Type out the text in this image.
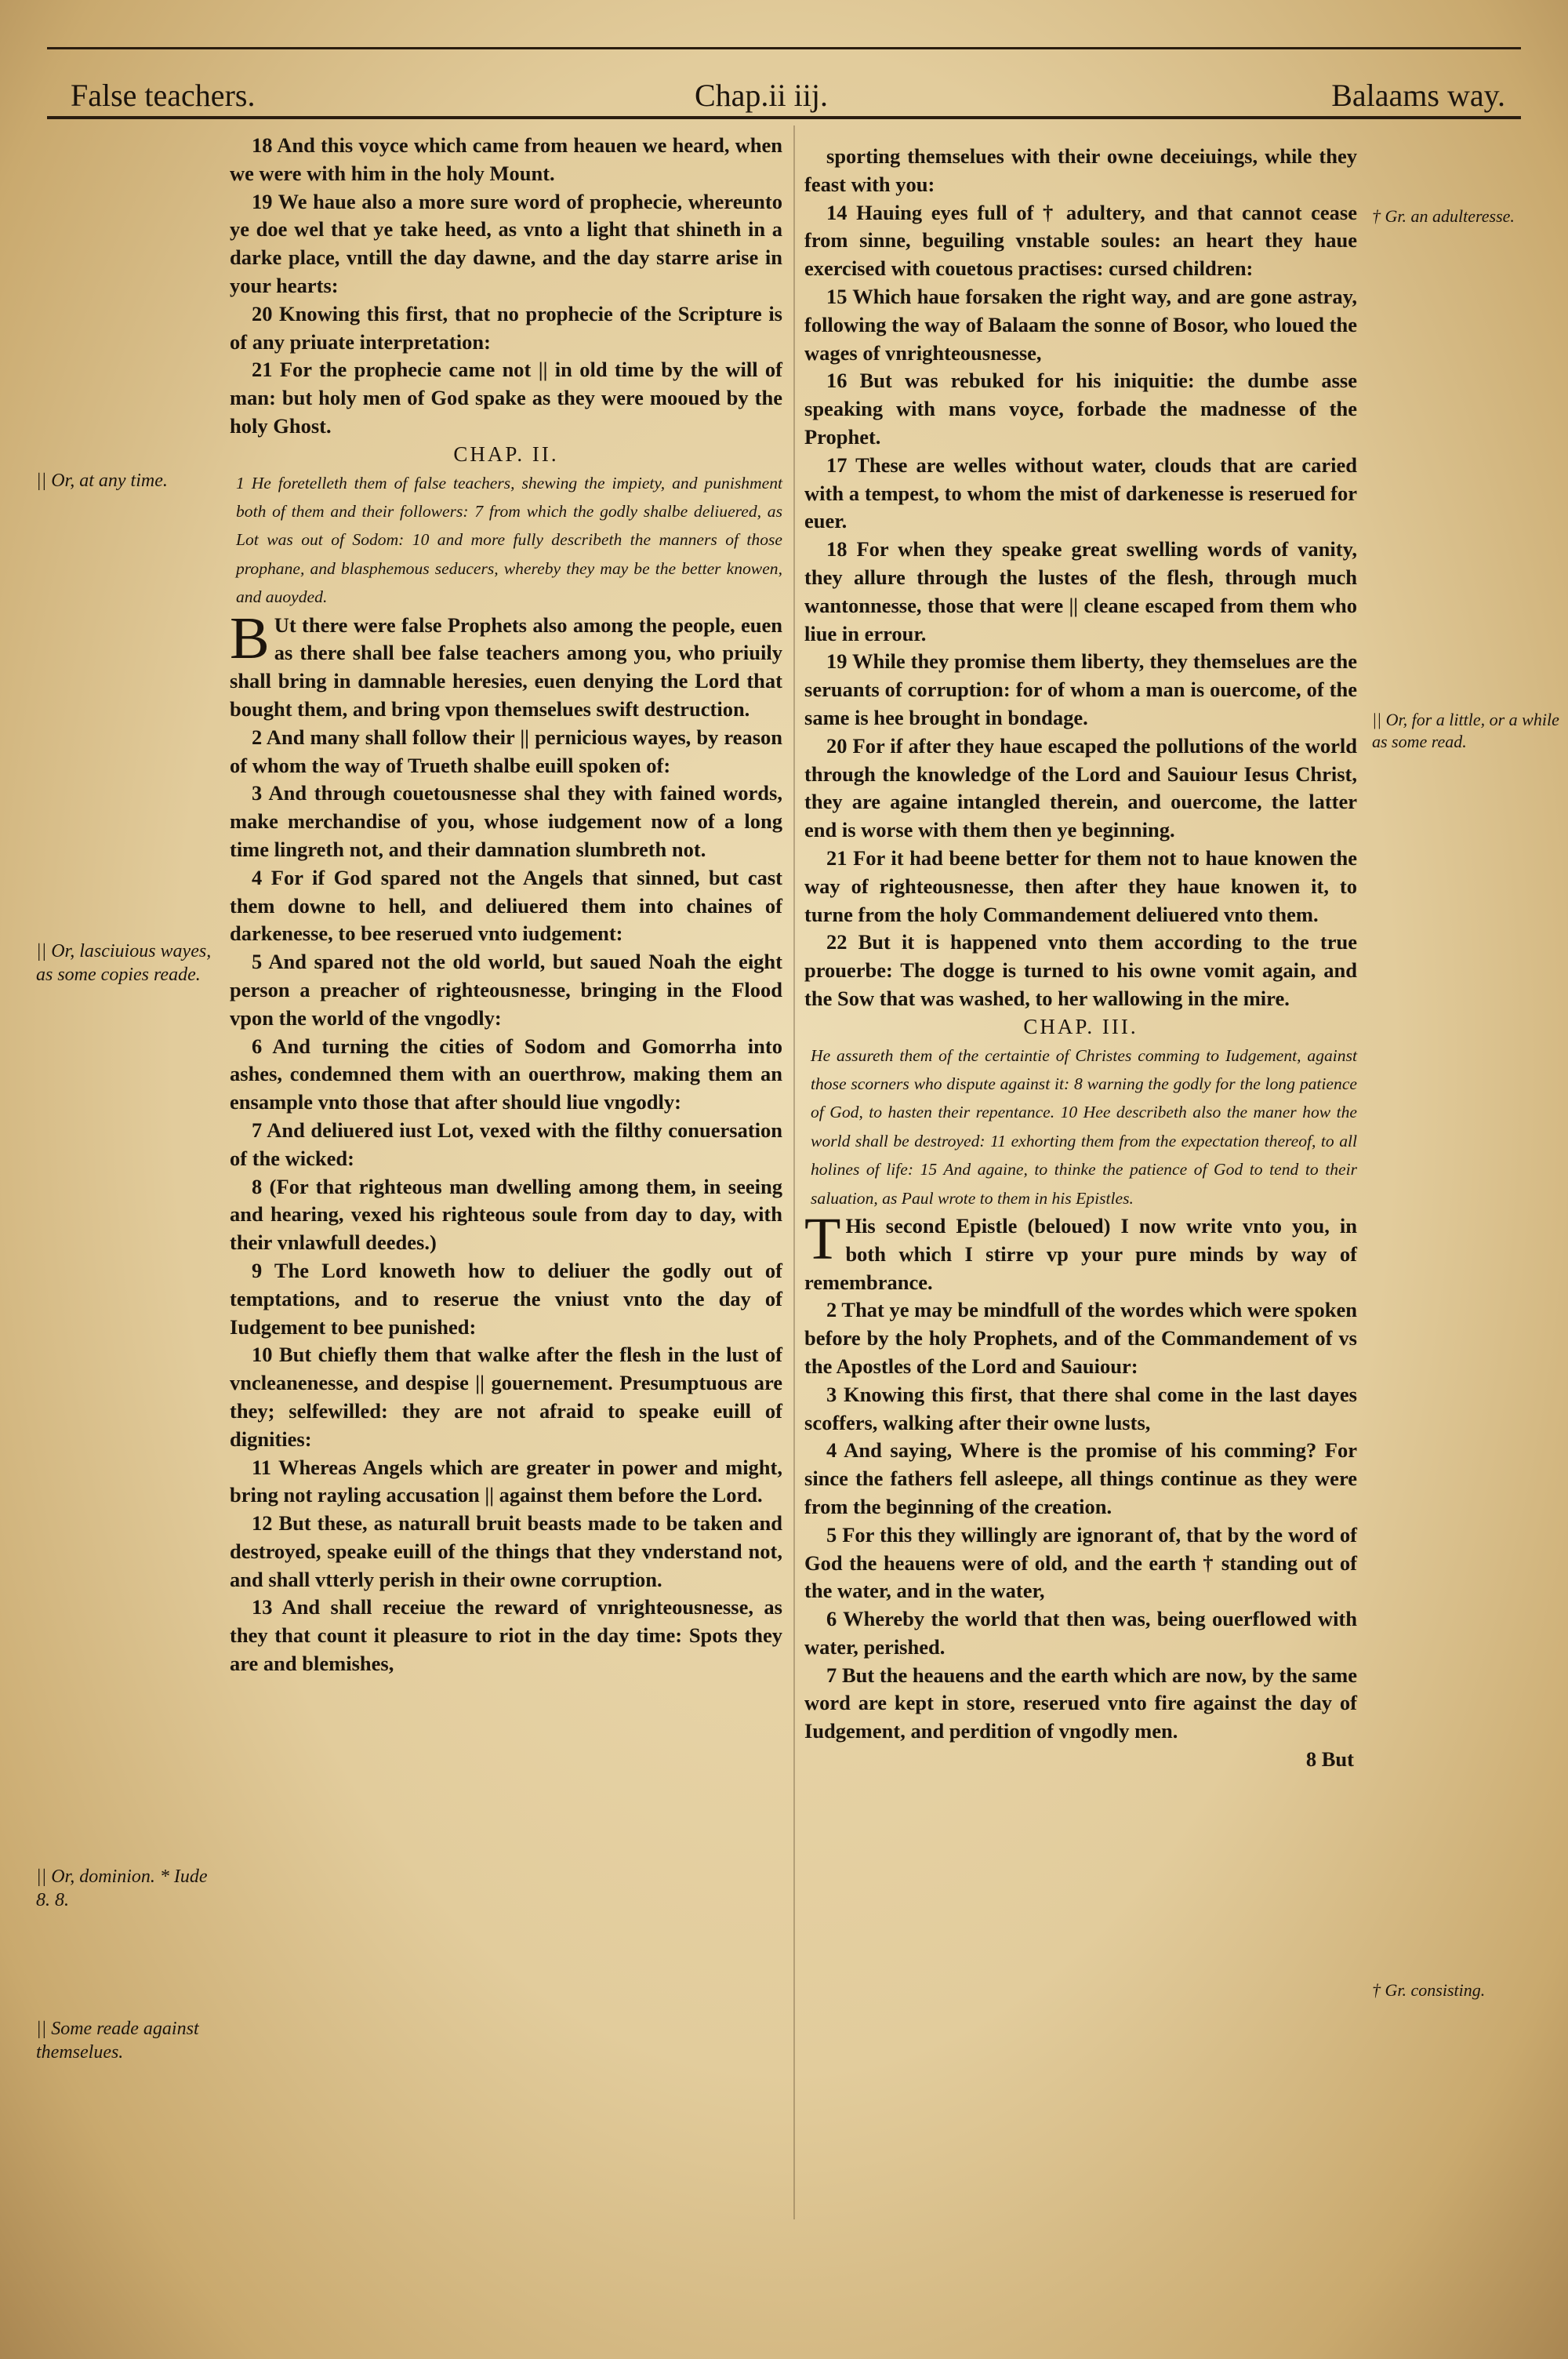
False teachers.	Chap.ii iij.	Balaams way.

18 And this voyce which came from heauen we heard, when we were with him in the holy Mount.

19 We haue also a more sure word of prophecie, whereunto ye doe wel that ye take heed, as vnto a light that shineth in a darke place, vntill the day dawne, and the day starre arise in your hearts:

20 Knowing this first, that no prophecie of the Scripture is of any priuate interpretation:

21 For the prophecie came not || in old time by the will of man: but holy men of God spake as they were mooued by the holy Ghost.

CHAP. II.

1 He foretelleth them of false teachers, shewing the impiety, and punishment both of them and their followers: 7 from which the godly shalbe deliuered, as Lot was out of Sodom: 10 and more fully describeth the manners of those prophane, and blasphemous seducers, whereby they may be the better knowen, and auoyded.

B Ut there were false Prophets also among the people, euen as there shall bee false teachers among you, who priuily shall bring in damnable heresies, euen denying the Lord that bought them, and bring vpon themselues swift destruction.

2 And many shall follow their || pernicious wayes, by reason of whom the way of Trueth shalbe euill spoken of:

3 And through couetousnesse shal they with fained words, make merchandise of you, whose iudgement now of a long time lingreth not, and their damnation slumbreth not.

4 For if God spared not the Angels that sinned, but cast them downe to hell, and deliuered them into chaines of darkenesse, to bee reserued vnto iudgement:

5 And spared not the old world, but saued Noah the eight person a preacher of righteousnesse, bringing in the Flood vpon the world of the vngodly:

6 And turning the cities of Sodom and Gomorrha into ashes, condemned them with an ouerthrow, making them an ensample vnto those that after should liue vngodly:

7 And deliuered iust Lot, vexed with the filthy conuersation of the wicked:

8 (For that righteous man dwelling among them, in seeing and hearing, vexed his righteous soule from day to day, with their vnlawfull deedes.)

9 The Lord knoweth how to deliuer the godly out of temptations, and to reserue the vniust vnto the day of Iudgement to bee punished:

10 But chiefly them that walke after the flesh in the lust of vncleanenesse, and despise || gouernement. Presumptuous are they; selfewilled: they are not afraid to speake euill of dignities:

11 Whereas Angels which are greater in power and might, bring not rayling accusation || against them before the Lord.

12 But these, as naturall bruit beasts made to be taken and destroyed, speake euill of the things that they vnderstand not, and shall vtterly perish in their owne corruption.

13 And shall receiue the reward of vnrighteousnesse, as they that count it pleasure to riot in the day time: Spots they are and blemishes,

sporting themselues with their owne deceiuings, while they feast with you:

14 Hauing eyes full of † adultery, and that cannot cease from sinne, beguiling vnstable soules: an heart they haue exercised with couetous practises: cursed children:

15 Which haue forsaken the right way, and are gone astray, following the way of Balaam the sonne of Bosor, who loued the wages of vnrighteousnesse,

16 But was rebuked for his iniquitie: the dumbe asse speaking with mans voyce, forbade the madnesse of the Prophet.

17 These are welles without water, clouds that are caried with a tempest, to whom the mist of darkenesse is reserued for euer.

18 For when they speake great swelling words of vanity, they allure through the lustes of the flesh, through much wantonnesse, those that were || cleane escaped from them who liue in errour.

19 While they promise them liberty, they themselues are the seruants of corruption: for of whom a man is ouercome, of the same is hee brought in bondage.

20 For if after they haue escaped the pollutions of the world through the knowledge of the Lord and Sauiour Iesus Christ, they are againe intangled therein, and ouercome, the latter end is worse with them then ye beginning.

21 For it had beene better for them not to haue knowen the way of righteousnesse, then after they haue knowen it, to turne from the holy Commandement deliuered vnto them.

22 But it is happened vnto them according to the true prouerbe: The dogge is turned to his owne vomit again, and the Sow that was washed, to her wallowing in the mire.

CHAP. III.

He assureth them of the certaintie of Christes comming to Iudgement, against those scorners who dispute against it: 8 warning the godly for the long patience of God, to hasten their repentance. 10 Hee describeth also the maner how the world shall be destroyed: 11 exhorting them from the expectation thereof, to all holines of life: 15 And againe, to thinke the patience of God to tend to their saluation, as Paul wrote to them in his Epistles.

T His second Epistle (beloued) I now write vnto you, in both which I stirre vp your pure minds by way of remembrance.

2 That ye may be mindfull of the wordes which were spoken before by the holy Prophets, and of the Commandement of vs the Apostles of the Lord and Sauiour:

3 Knowing this first, that there shal come in the last dayes scoffers, walking after their owne lusts,

4 And saying, Where is the promise of his comming? For since the fathers fell asleepe, all things continue as they were from the beginning of the creation.

5 For this they willingly are ignorant of, that by the word of God the heauens were of old, and the earth † standing out of the water, and in the water,

6 Whereby the world that then was, being ouerflowed with water, perished.

7 But the heauens and the earth which are now, by the same word are kept in store, reserued vnto fire against the day of Iudgement, and perdition of vngodly men.

8 But

|| Or, at any time.
|| Or, lasciuious wayes, as some copies reade.
|| Or, dominion. * Iude 8. 8.
|| Some reade against themselues.
† Gr. an adulteresse.
|| Or, for a little, or a while as some read.
† Gr. consisting.
